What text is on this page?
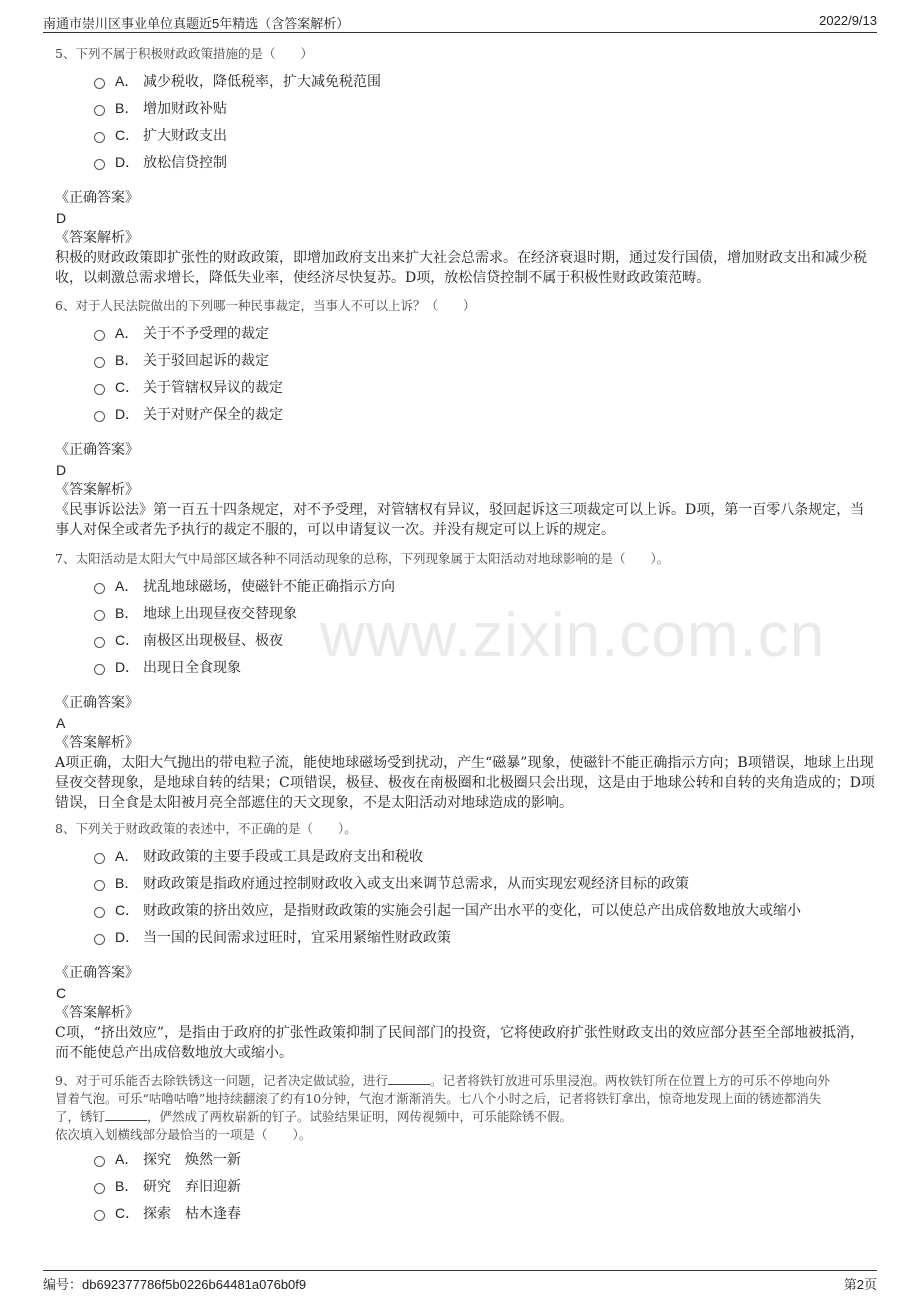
南通市崇川区事业单位真题近5年精选（含答案解析）	2022/9/13
www.zixin.com.cn
5、下列不属于积极财政政策措施的是（　　）
A． 减少税收，降低税率，扩大减免税范围
B． 增加财政补贴
C． 扩大财政支出
D． 放松信贷控制
《正确答案》
D
《答案解析》
积极的财政政策即扩张性的财政政策，即增加政府支出来扩大社会总需求。在经济衰退时期，通过发行国债，增加财政支出和减少税收，以刺激总需求增长，降低失业率，使经济尽快复苏。D项，放松信贷控制不属于积极性财政政策范畴。
6、对于人民法院做出的下列哪一种民事裁定，当事人不可以上诉？（　　）
A． 关于不予受理的裁定
B． 关于驳回起诉的裁定
C． 关于管辖权异议的裁定
D． 关于对财产保全的裁定
《正确答案》
D
《答案解析》
《民事诉讼法》第一百五十四条规定，对不予受理，对管辖权有异议，驳回起诉这三项裁定可以上诉。D项，第一百零八条规定，当事人对保全或者先予执行的裁定不服的，可以申请复议一次。并没有规定可以上诉的规定。
7、太阳活动是太阳大气中局部区域各种不同活动现象的总称，下列现象属于太阳活动对地球影响的是（　　）。
A． 扰乱地球磁场，使磁针不能正确指示方向
B． 地球上出现昼夜交替现象
C． 南极区出现极昼、极夜
D． 出现日全食现象
《正确答案》
A
《答案解析》
A项正确，太阳大气抛出的带电粒子流，能使地球磁场受到扰动，产生“磁暴”现象，使磁针不能正确指示方向；B项错误，地球上出现昼夜交替现象，是地球自转的结果；C项错误，极昼、极夜在南极圈和北极圈只会出现，这是由于地球公转和自转的夹角造成的；D项错误，日全食是太阳被月亮全部遮住的天文现象，不是太阳活动对地球造成的影响。
8、下列关于财政政策的表述中，不正确的是（　　）。
A． 财政政策的主要手段或工具是政府支出和税收
B． 财政政策是指政府通过控制财政收入或支出来调节总需求，从而实现宏观经济目标的政策
C． 财政政策的挤出效应，是指财政政策的实施会引起一国产出水平的变化，可以使总产出成倍数地放大或缩小
D． 当一国的民间需求过旺时，宜采用紧缩性财政政策
《正确答案》
C
《答案解析》
C项，“挤出效应”，是指由于政府的扩张性政策抑制了民间部门的投资，它将使政府扩张性财政支出的效应部分甚至全部地被抵消，而不能使总产出成倍数地放大或缩小。
9、对于可乐能否去除铁锈这一问题，记者决定做试验，进行	。记者将铁钉放进可乐里浸泡。两枚铁钉所在位置上方的可乐不停地向外
冒着气泡。可乐“咕噜咕噜”地持续翻滚了约有10分钟，气泡才渐渐消失。七八个小时之后，记者将铁钉拿出，惊奇地发现上面的锈迹都消失
了，锈钉	，俨然成了两枚崭新的钉子。试验结果证明，网传视频中，可乐能除锈不假。
依次填入划横线部分最恰当的一项是（　　）。
A． 探究　焕然一新
B． 研究　弃旧迎新
C． 探索　枯木逢春
编号：db692377786f5b0226b64481a076b0f9	第2页
